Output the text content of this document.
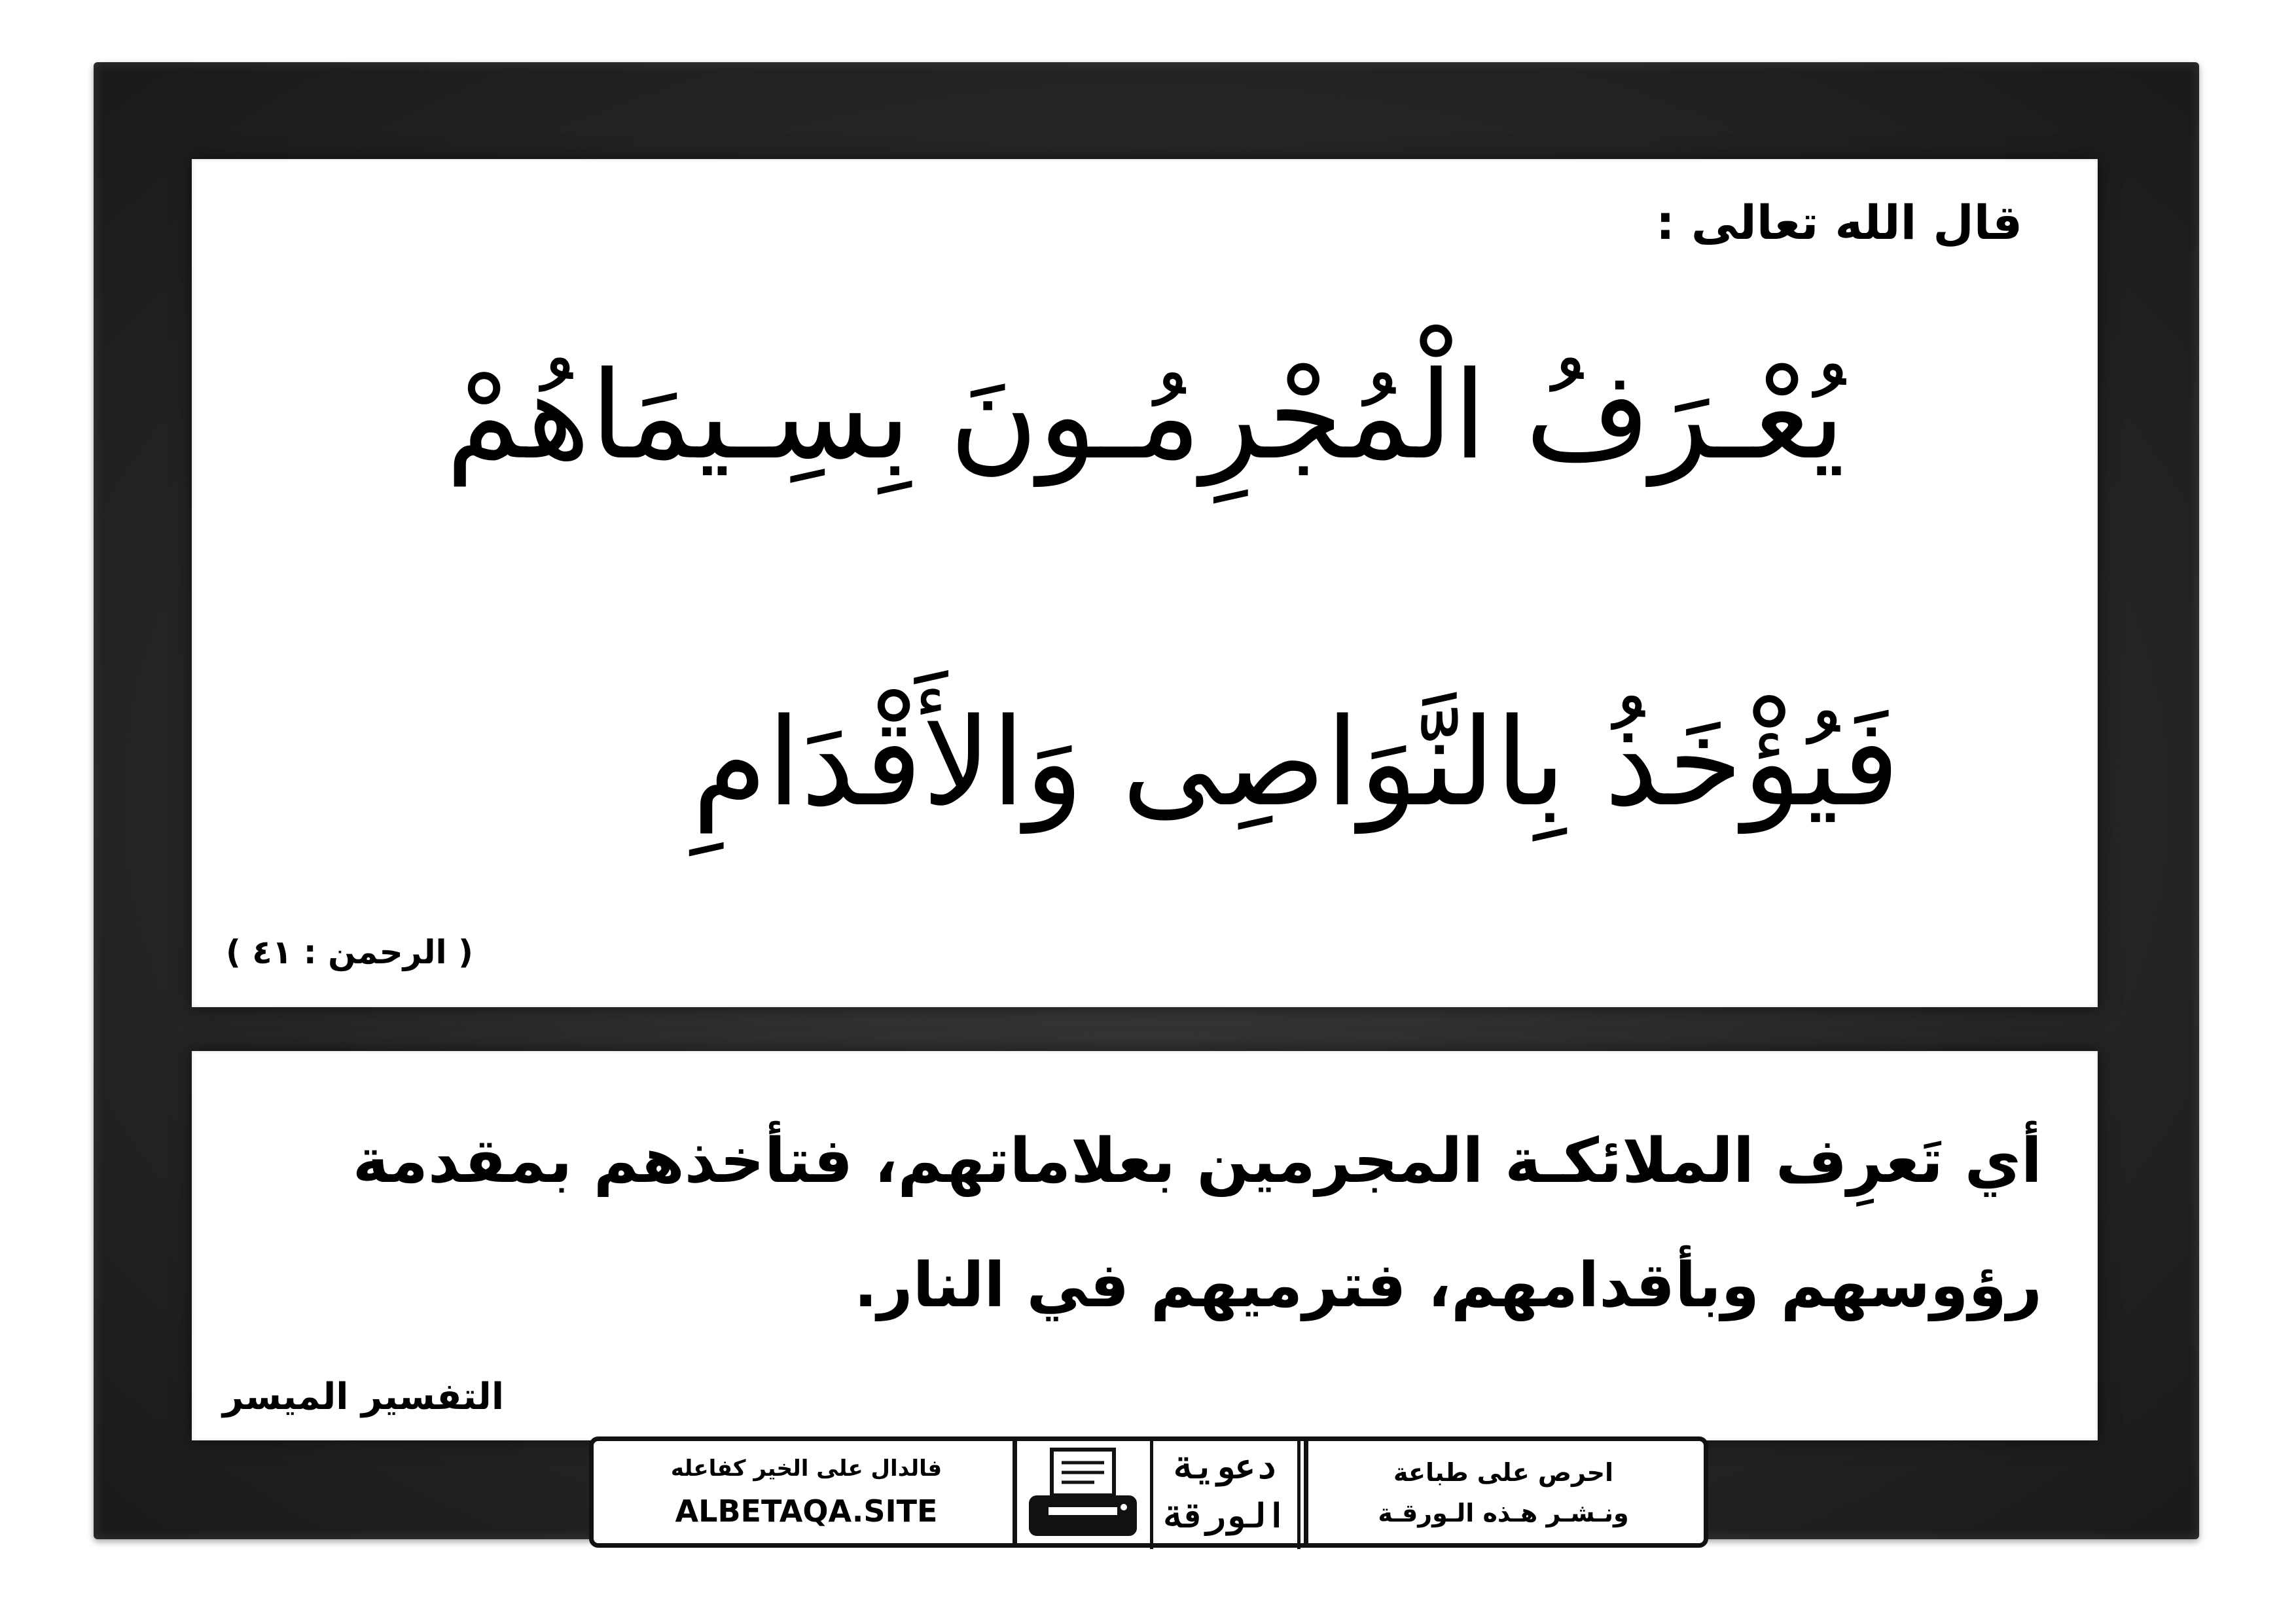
قال الله تعالى :
يُعْـرَفُ الْمُجْرِمُـونَ بِسِـيمَاهُمْ
فَيُؤْخَذُ بِالنَّوَاصِى وَالأَقْدَامِ
( الرحمن : ٤١ )
أي تَعرِف الملائكـة المجرمين بعلاماتهم، فتأخذهم بمقدمة
رؤوسهم وبأقدامهم، فترميهم في النار.
التفسير الميسر
فالدال على الخير كفاعله
ALBETAQA.SITE
دعوية
الورقة
احرص على طباعة
ونـشـر هـذه الـورقـة
